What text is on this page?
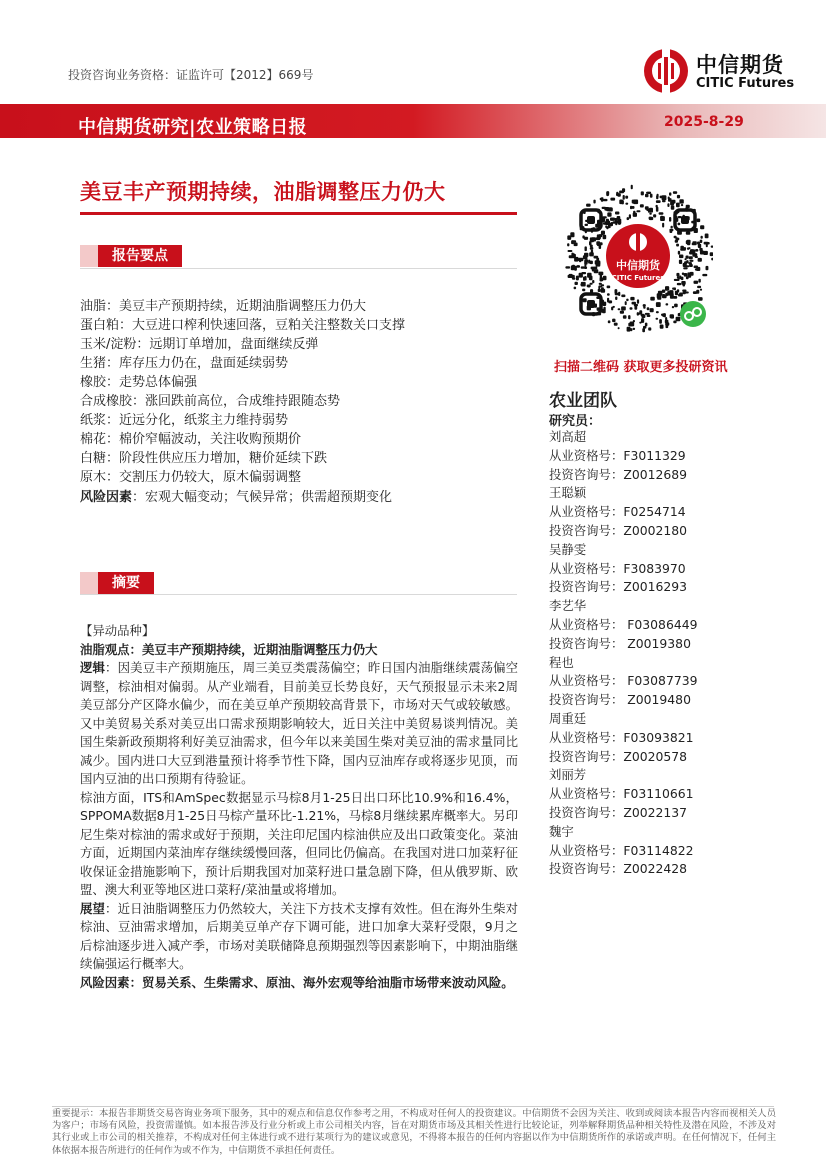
投资咨询业务资格：证监许可【2012】669号	中信期货
CITIC Futures
中信期货研究|农业策略日报	2025-8-29
美豆丰产预期持续，油脂调整压力仍大
报告要点
油脂：美豆丰产预期持续，近期油脂调整压力仍大
蛋白粕：大豆进口榨利快速回落，豆粕关注整数关口支撑
玉米/淀粉：远期订单增加，盘面继续反弹
生猪：库存压力仍在，盘面延续弱势
橡胶：走势总体偏强
合成橡胶：涨回跌前高位，合成维持跟随态势
纸浆：近远分化，纸浆主力维持弱势
棉花：棉价窄幅波动，关注收购预期价
白糖：阶段性供应压力增加，糖价延续下跌
原木：交割压力仍较大，原木偏弱调整
风险因素：宏观大幅变动；气候异常；供需超预期变化
摘要

【异动品种】

油脂观点：美豆丰产预期持续，近期油脂调整压力仍大

逻辑：因美豆丰产预期施压，周三美豆类震荡偏空；昨日国内油脂继续震荡偏空调整，棕油相对偏弱。从产业端看，目前美豆长势良好，天气预报显示未来2周美豆部分产区降水偏少，而在美豆单产预期较高背景下，市场对天气或较敏感。又中美贸易关系对美豆出口需求预期影响较大，近日关注中美贸易谈判情况。美国生柴新政预期将利好美豆油需求，但今年以来美国生柴对美豆油的需求量同比减少。国内进口大豆到港量预计将季节性下降，国内豆油库存或将逐步见顶，而国内豆油的出口预期有待验证。

棕油方面，ITS和AmSpec数据显示马棕8月1-25日出口环比10.9%和16.4%，SPPOMA数据8月1-25日马棕产量环比-1.21%，马棕8月继续累库概率大。另印尼生柴对棕油的需求或好于预期，关注印尼国内棕油供应及出口政策变化。菜油方面，近期国内菜油库存继续缓慢回落，但同比仍偏高。在我国对进口加菜籽征收保证金措施影响下，预计后期我国对加菜籽进口量急剧下降，但从俄罗斯、欧盟、澳大利亚等地区进口菜籽/菜油量或将增加。

展望：近日油脂调整压力仍然较大，关注下方技术支撑有效性。但在海外生柴对棕油、豆油需求增加，后期美豆单产存下调可能，进口加拿大菜籽受限，9月之后棕油逐步进入减产季，市场对美联储降息预期强烈等因素影响下，中期油脂继续偏强运行概率大。

风险因素：贸易关系、生柴需求、原油、海外宏观等给油脂市场带来波动风险。

中信期货
CITIC Futures
扫描二维码 获取更多投研资讯
农业团队
研究员：
刘高超
从业资格号：F3011329
投资咨询号：Z0012689
王聪颖
从业资格号：F0254714
投资咨询号：Z0002180
吴静雯
从业资格号：F3083970
投资咨询号：Z0016293
李艺华
从业资格号： F03086449
投资咨询号： Z0019380
程也
从业资格号： F03087739
投资咨询号： Z0019480
周重廷
从业资格号：F03093821
投资咨询号：Z0020578
刘丽芳
从业资格号：F03110661
投资咨询号：Z0022137
魏宇
从业资格号：F03114822
投资咨询号：Z0022428
重要提示：本报告非期货交易咨询业务项下服务，其中的观点和信息仅作参考之用，不构成对任何人的投资建议。中信期货不会因为关注、收到或阅读本报告内容而视相关人员为客户；市场有风险，投资需谨慎。如本报告涉及行业分析或上市公司相关内容，旨在对期货市场及其相关性进行比较论证，列举解释期货品种相关特性及潜在风险，不涉及对其行业或上市公司的相关推荐，不构成对任何主体进行或不进行某项行为的建议或意见，不得将本报告的任何内容据以作为中信期货所作的承诺或声明。在任何情况下，任何主体依据本报告所进行的任何作为或不作为，中信期货不承担任何责任。
